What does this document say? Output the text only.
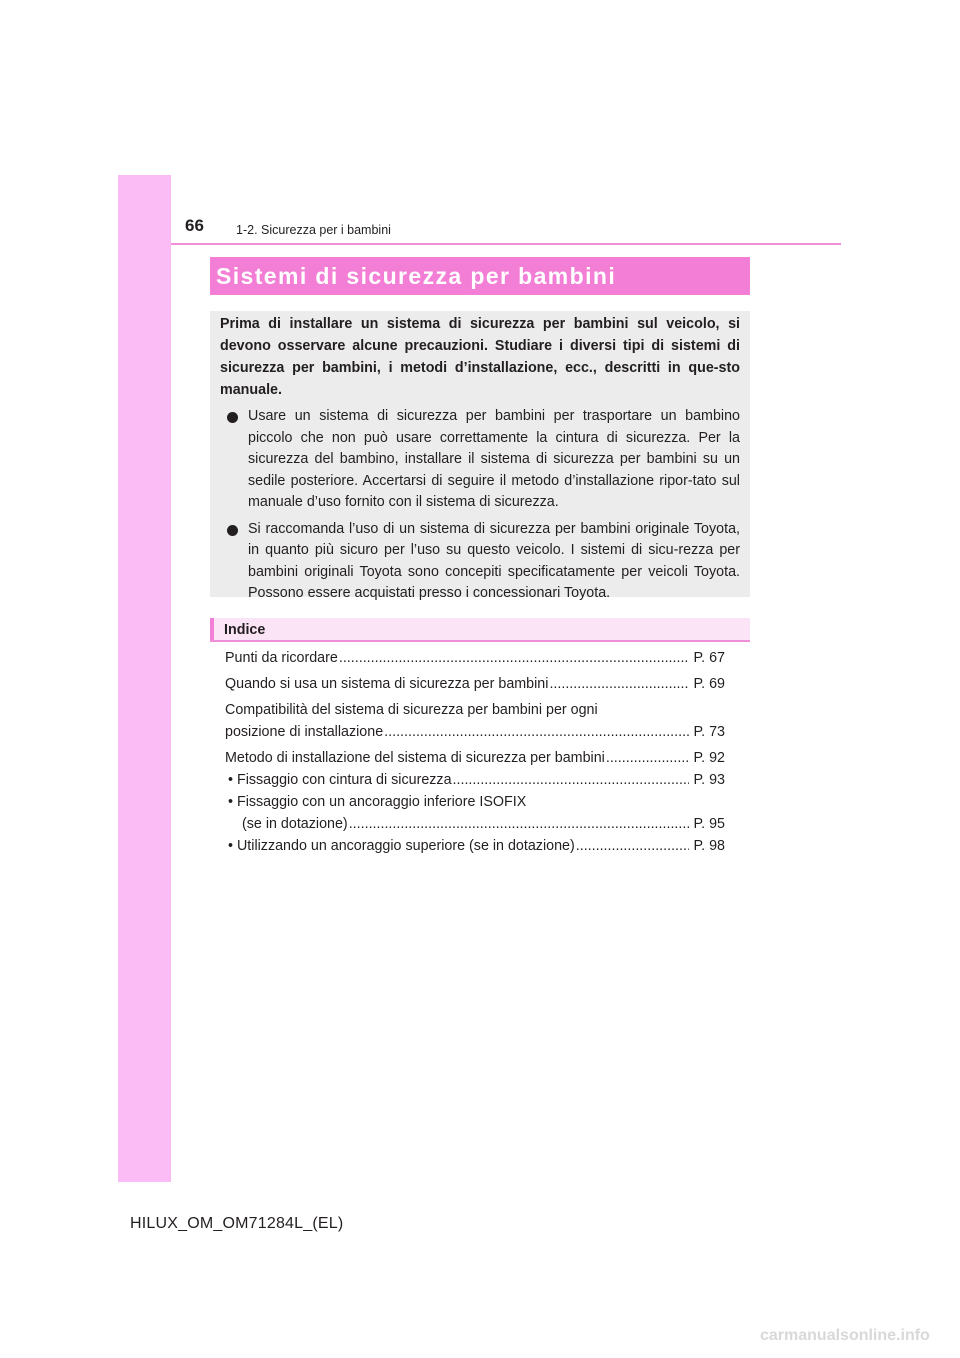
66	1-2. Sicurezza per i bambini
Sistemi di sicurezza per bambini

Prima di installare un sistema di sicurezza per bambini sul veicolo, si devono osservare alcune precauzioni. Studiare i diversi tipi di sistemi di sicurezza per bambini, i metodi d’installazione, ecc., descritti in que-sto manuale.

Usare un sistema di sicurezza per bambini per trasportare un bambino piccolo che non può usare correttamente la cintura di sicurezza. Per la sicurezza del bambino, installare il sistema di sicurezza per bambini su un sedile posteriore. Accertarsi di seguire il metodo d’installazione ripor-tato sul manuale d’uso fornito con il sistema di sicurezza.

Si raccomanda l’uso di un sistema di sicurezza per bambini originale Toyota, in quanto più sicuro per l’uso su questo veicolo. I sistemi di sicu-rezza per bambini originali Toyota sono concepiti specificatamente per veicoli Toyota. Possono essere acquistati presso i concessionari Toyota.

Indice
Punti da ricordare .....	P. 67
Quando si usa un sistema di sicurezza per bambini .....	P. 69
Compatibilità del sistema di sicurezza per bambini per ogni
posizione di installazione .....	P. 73
Metodo di installazione del sistema di sicurezza per bambini .....	P. 92
• Fissaggio con cintura di sicurezza .....	P. 93
• Fissaggio con un ancoraggio inferiore ISOFIX
(se in dotazione) .....	P. 95
• Utilizzando un ancoraggio superiore (se in dotazione) .....	P. 98
HILUX_OM_OM71284L_(EL)
carmanualsonline.info
